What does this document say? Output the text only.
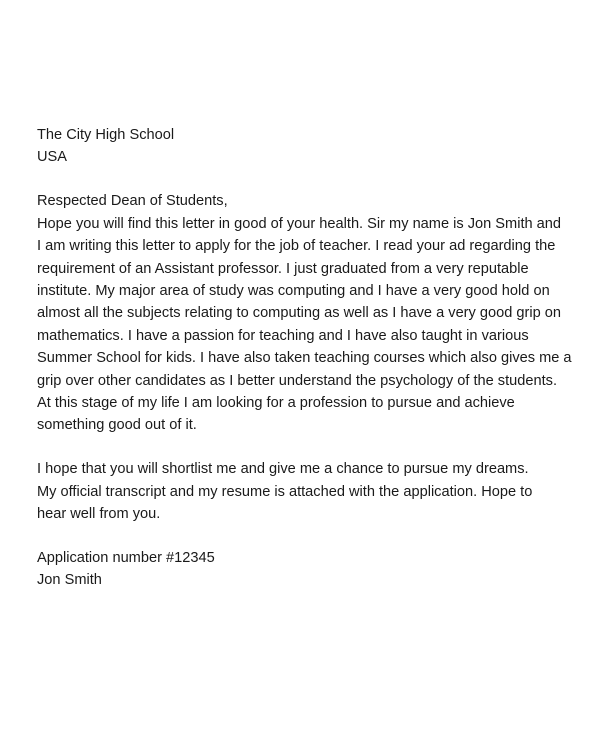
The City High School
USA
Respected Dean of Students,
Hope you will find this letter in good of your health. Sir my name is Jon Smith and
I am writing this letter to apply for the job of teacher. I read your ad regarding the
requirement of an Assistant professor. I just graduated from a very reputable
institute. My major area of study was computing and I have a very good hold on
almost all the subjects relating to computing as well as I have a very good grip on
mathematics. I have a passion for teaching and I have also taught in various
Summer School for kids. I have also taken teaching courses which also gives me a
grip over other candidates as I better understand the psychology of the students.
At this stage of my life I am looking for a profession to pursue and achieve
something good out of it.
I hope that you will shortlist me and give me a chance to pursue my dreams.
My official transcript and my resume is attached with the application. Hope to
hear well from you.
Application number #12345
Jon Smith
